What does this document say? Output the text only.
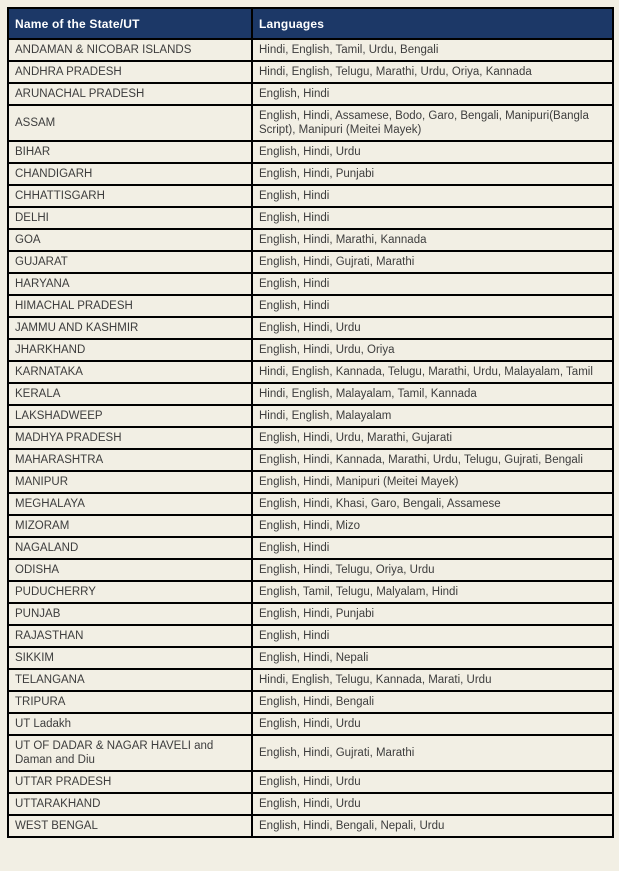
Name of the State/UT	Languages
ANDAMAN & NICOBAR ISLANDS	Hindi, English, Tamil, Urdu, Bengali
ANDHRA PRADESH	Hindi, English, Telugu, Marathi, Urdu, Oriya, Kannada
ARUNACHAL PRADESH	English, Hindi
ASSAM	English, Hindi, Assamese, Bodo, Garo, Bengali, Manipuri(Bangla Script), Manipuri (Meitei Mayek)
BIHAR	English, Hindi, Urdu
CHANDIGARH	English, Hindi, Punjabi
CHHATTISGARH	English, Hindi
DELHI	English, Hindi
GOA	English, Hindi, Marathi, Kannada
GUJARAT	English, Hindi, Gujrati, Marathi
HARYANA	English, Hindi
HIMACHAL PRADESH	English, Hindi
JAMMU AND KASHMIR	English, Hindi, Urdu
JHARKHAND	English, Hindi, Urdu, Oriya
KARNATAKA	Hindi, English, Kannada, Telugu, Marathi, Urdu, Malayalam, Tamil
KERALA	Hindi, English, Malayalam, Tamil, Kannada
LAKSHADWEEP	Hindi, English, Malayalam
MADHYA PRADESH	English, Hindi, Urdu, Marathi, Gujarati
MAHARASHTRA	English, Hindi, Kannada, Marathi, Urdu, Telugu, Gujrati, Bengali
MANIPUR	English, Hindi, Manipuri (Meitei Mayek)
MEGHALAYA	English, Hindi, Khasi, Garo, Bengali, Assamese
MIZORAM	English, Hindi, Mizo
NAGALAND	English, Hindi
ODISHA	English, Hindi, Telugu, Oriya, Urdu
PUDUCHERRY	English, Tamil, Telugu, Malyalam, Hindi
PUNJAB	English, Hindi, Punjabi
RAJASTHAN	English, Hindi
SIKKIM	English, Hindi, Nepali
TELANGANA	Hindi, English, Telugu, Kannada, Marati, Urdu
TRIPURA	English, Hindi, Bengali
UT Ladakh	English, Hindi, Urdu
UT OF DADAR & NAGAR HAVELI and Daman and Diu	English, Hindi, Gujrati, Marathi
UTTAR PRADESH	English, Hindi, Urdu
UTTARAKHAND	English, Hindi, Urdu
WEST BENGAL	English, Hindi, Bengali, Nepali, Urdu
